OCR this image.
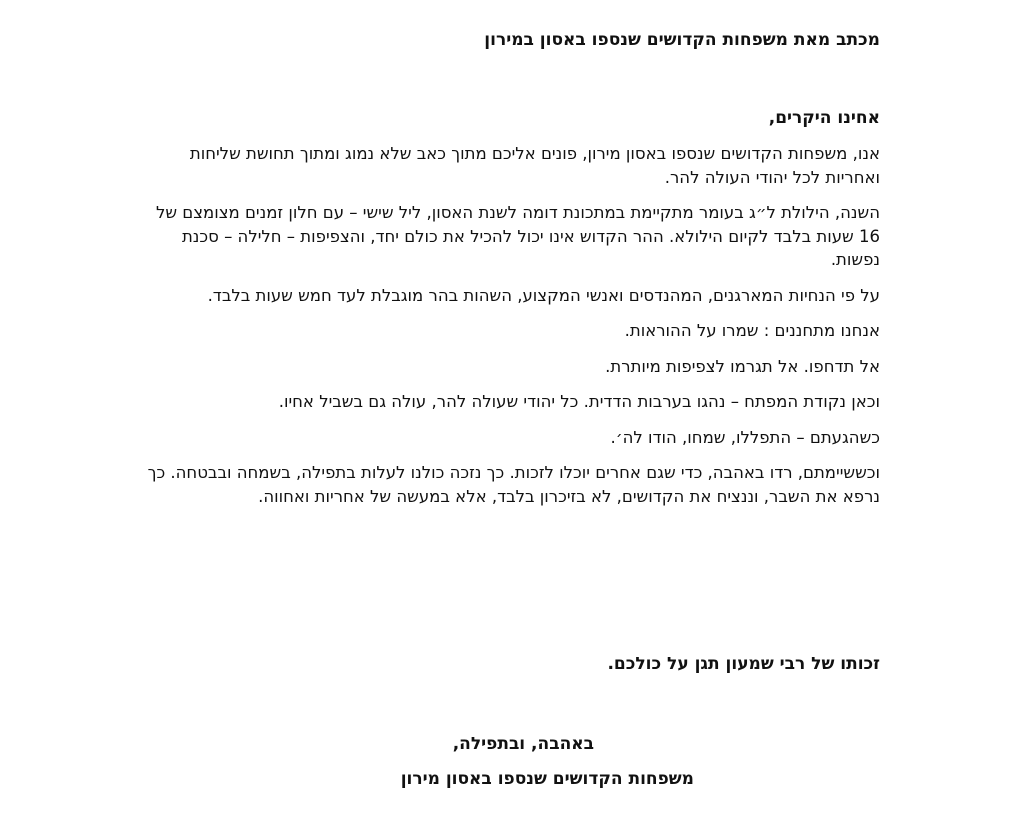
מכתב מאת משפחות הקדושים שנספו באסון במירון

אחינו היקרים,

אנו, משפחות הקדושים שנספו באסון מירון, פונים אליכם מתוך כאב שלא נמוג ומתוך תחושת שליחות ואחריות לכל יהודי העולה להר.

השנה, הילולת ל״ג בעומר מתקיימת במתכונת דומה לשנת האסון, ליל שישי – עם חלון זמנים מצומצם של 16 שעות בלבד לקיום הילולא. ההר הקדוש אינו יכול להכיל את כולם יחד, והצפיפות – חלילה – סכנת נפשות.

על פי הנחיות המארגנים, המהנדסים ואנשי המקצוע, השהות בהר מוגבלת לעד חמש שעות בלבד.

אנחנו מתחננים : שמרו על ההוראות.

אל תדחפו. אל תגרמו לצפיפות מיותרת.

וכאן נקודת המפתח – נהגו בערבות הדדית. כל יהודי שעולה להר, עולה גם בשביל אחיו.

כשהגעתם – התפללו, שמחו, הודו לה׳.

וכששיימתם, רדו באהבה, כדי שגם אחרים יוכלו לזכות. כך נזכה כולנו לעלות בתפילה, בשמחה ובבטחה. כך נרפא את השבר, וננציח את הקדושים, לא בזיכרון בלבד, אלא במעשה של אחריות ואחווה.

זכותו של רבי שמעון תגן על כולכם.

באהבה, ובתפילה,

משפחות הקדושים שנספו באסון מירון
